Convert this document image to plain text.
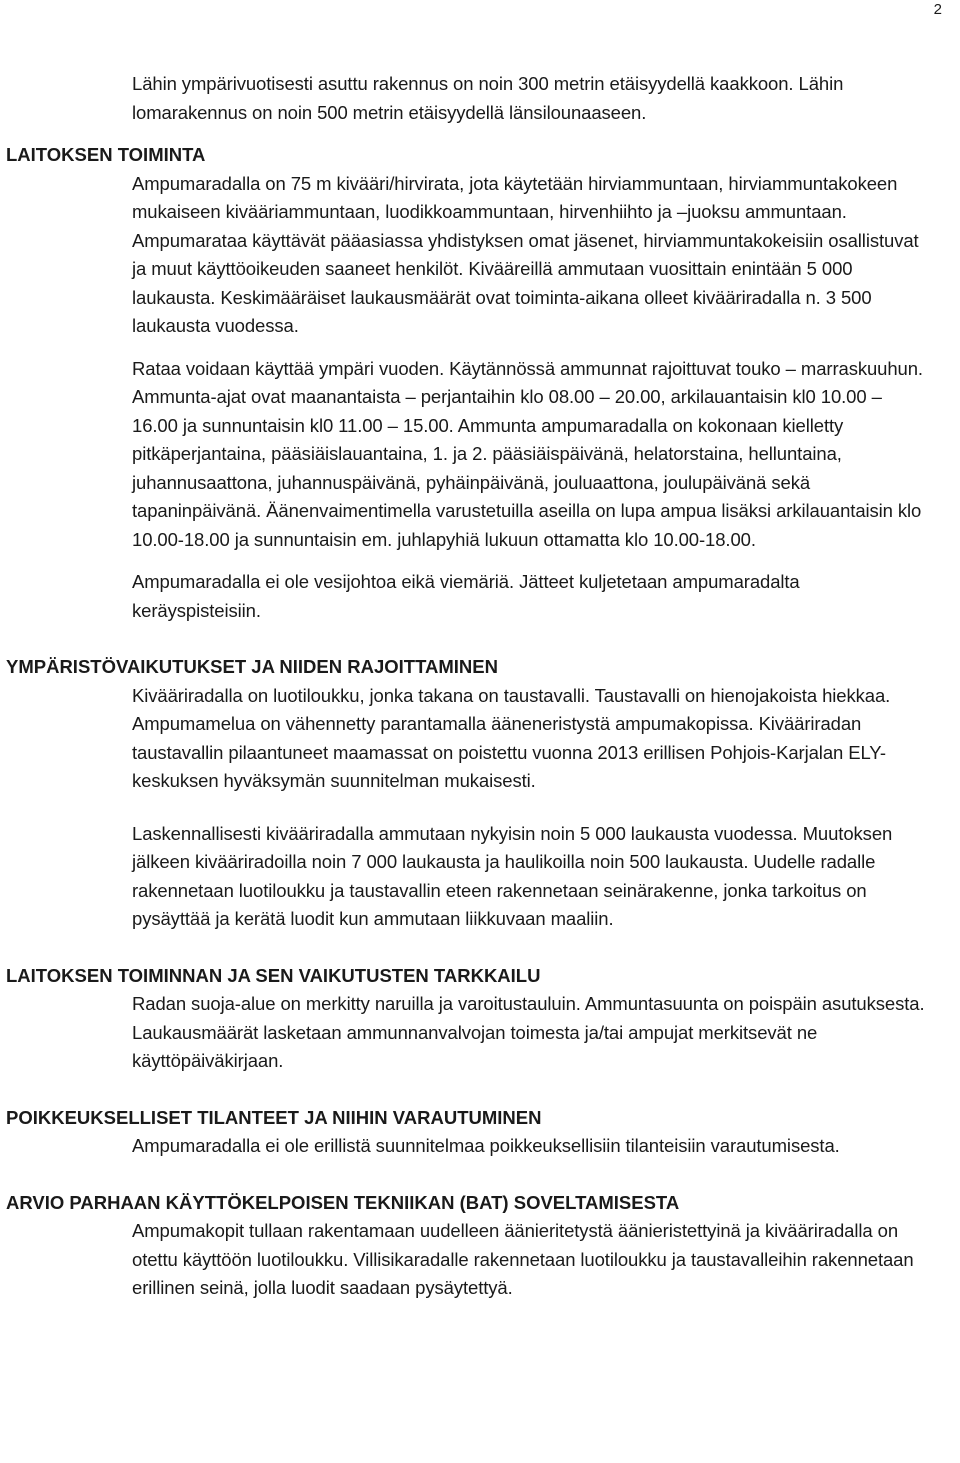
2

Lähin ympärivuotisesti asuttu rakennus on noin 300 metrin etäisyydellä kaakkoon. Lähin lomarakennus on noin 500 metrin etäisyydellä länsilounaaseen.

LAITOKSEN TOIMINTA

Ampumaradalla on 75 m kivääri/hirvirata, jota käytetään hirviammuntaan, hirviammuntakokeen mukaiseen kivääriammuntaan, luodikkoammuntaan, hirvenhiihto ja –juoksu ammuntaan. Ampumarataa käyttävät pääasiassa yhdistyksen omat jäsenet, hirviammuntakokeisiin osallistuvat ja muut käyttöoikeuden saaneet henkilöt. Kivääreillä ammutaan vuosittain enintään 5 000 laukausta. Keskimääräiset laukausmäärät ovat toiminta-aikana olleet kivääriradalla n. 3 500 laukausta vuodessa.

Rataa voidaan käyttää ympäri vuoden. Käytännössä ammunnat rajoittuvat touko – marraskuuhun. Ammunta-ajat ovat maanantaista – perjantaihin klo 08.00 – 20.00, arkilauantaisin kl0 10.00 – 16.00 ja sunnuntaisin kl0 11.00 – 15.00. Ammunta ampumaradalla on kokonaan kielletty pitkäperjantaina, pääsiäislauantaina, 1. ja 2. pääsiäispäivänä, helatorstaina, helluntaina, juhannusaattona, juhannuspäivänä, pyhäinpäivänä, jouluaattona, joulupäivänä sekä tapaninpäivänä. Äänenvaimentimella varustetuilla aseilla on lupa ampua lisäksi arkilauantaisin klo 10.00-18.00 ja sunnuntaisin em. juhlapyhiä lukuun ottamatta klo 10.00-18.00.

Ampumaradalla ei ole vesijohtoa eikä viemäriä. Jätteet kuljetetaan ampumaradalta keräyspisteisiin.

YMPÄRISTÖVAIKUTUKSET JA NIIDEN RAJOITTAMINEN

Kivääriradalla on luotiloukku, jonka takana on taustavalli. Taustavalli on hienojakoista hiekkaa. Ampumamelua on vähennetty parantamalla ääneneristystä ampumakopissa. Kivääriradan taustavallin pilaantuneet maamassat on poistettu vuonna 2013 erillisen Pohjois-Karjalan ELY-keskuksen hyväksymän suunnitelman mukaisesti.

Laskennallisesti kivääriradalla ammutaan nykyisin noin 5 000 laukausta vuodessa. Muutoksen jälkeen kivääriradoilla noin 7 000 laukausta ja haulikoilla noin 500 laukausta. Uudelle radalle rakennetaan luotiloukku ja taustavallin eteen rakennetaan seinärakenne, jonka tarkoitus on pysäyttää ja kerätä luodit kun ammutaan liikkuvaan maaliin.

LAITOKSEN TOIMINNAN JA SEN VAIKUTUSTEN TARKKAILU

Radan suoja-alue on merkitty naruilla ja varoitustauluin. Ammuntasuunta on poispäin asutuksesta. Laukausmäärät lasketaan ammunnanvalvojan toimesta ja/tai ampujat merkitsevät ne käyttöpäiväkirjaan.

POIKKEUKSELLISET TILANTEET JA NIIHIN VARAUTUMINEN

Ampumaradalla ei ole erillistä suunnitelmaa poikkeuksellisiin tilanteisiin varautumisesta.

ARVIO PARHAAN KÄYTTÖKELPOISEN TEKNIIKAN (BAT) SOVELTAMISESTA

Ampumakopit tullaan rakentamaan uudelleen äänieritetystä äänieristettyinä ja kivääriradalla on otettu käyttöön luotiloukku. Villisikaradalle rakennetaan luotiloukku ja taustavalleihin rakennetaan erillinen seinä, jolla luodit saadaan pysäytettyä.
